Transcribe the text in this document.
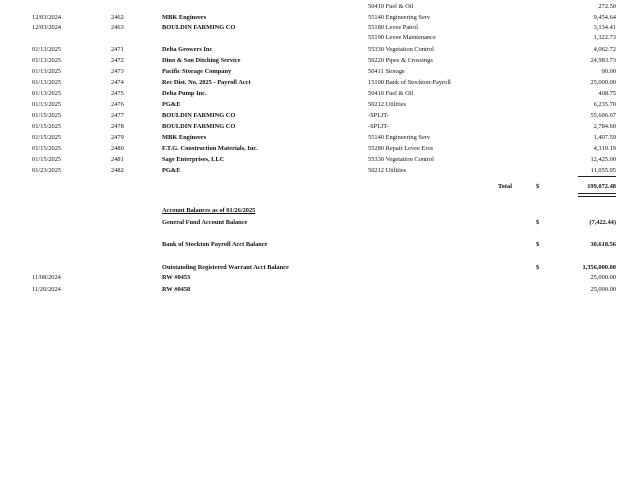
50410 Fuel & Oil	272.50
12/03/2024	2462	MBK Engineers	55140 Engineering Serv	9,454.64
12/03/2024	2463	BOULDIN FARMING CO	55180 Levee Patrol	3,134.41
55190 Levee Maintenance	1,322.73
01/13/2025	2471	Delta Growers Inc	55330 Vegetation Control	4,062.72
01/13/2025	2472	Dino & Son Ditching Service	50220 Pipes & Crossings	24,983.73
01/13/2025	2473	Pacific Storage Company	50411 Storage	90.00
01/13/2025	2474	Rec Dist. No. 2025 - Payroll Acct	15100 Bank of Stockton-Payroll	25,000.00
01/13/2025	2475	Delta Pump Inc.	50410 Fuel & Oil	408.75
01/13/2025	2476	PG&E	50212 Utilities	6,235.70
01/15/2025	2477	BOULDIN FARMING CO	-SPLIT-	55,606.67
01/15/2025	2478	BOULDIN FARMING CO	-SPLIT-	2,784.60
01/15/2025	2479	MBK Engineers	55140 Engineering Serv	1,407.59
01/15/2025	2480	F.T.G. Construction Materials, Inc.	55280 Repair Levee Eros	4,319.19
01/15/2025	2481	Sage Enterprises, LLC	55330 Vegetation Control	12,425.00
01/23/2025	2482	PG&E	50212 Utilities	11,055.95
Total	$	199,072.48
Account Balances as of 01/26/2025
General Fund Account Balance	$	(7,422.44)
Bank of Stockton Payroll Acct Balance	$	30,618.56
Outstanding Registered Warrant Acct Balance	$	1,356,000.00
11/08/2024	RW #0453	25,000.00
11/20/2024	RW #0458	25,000.00
